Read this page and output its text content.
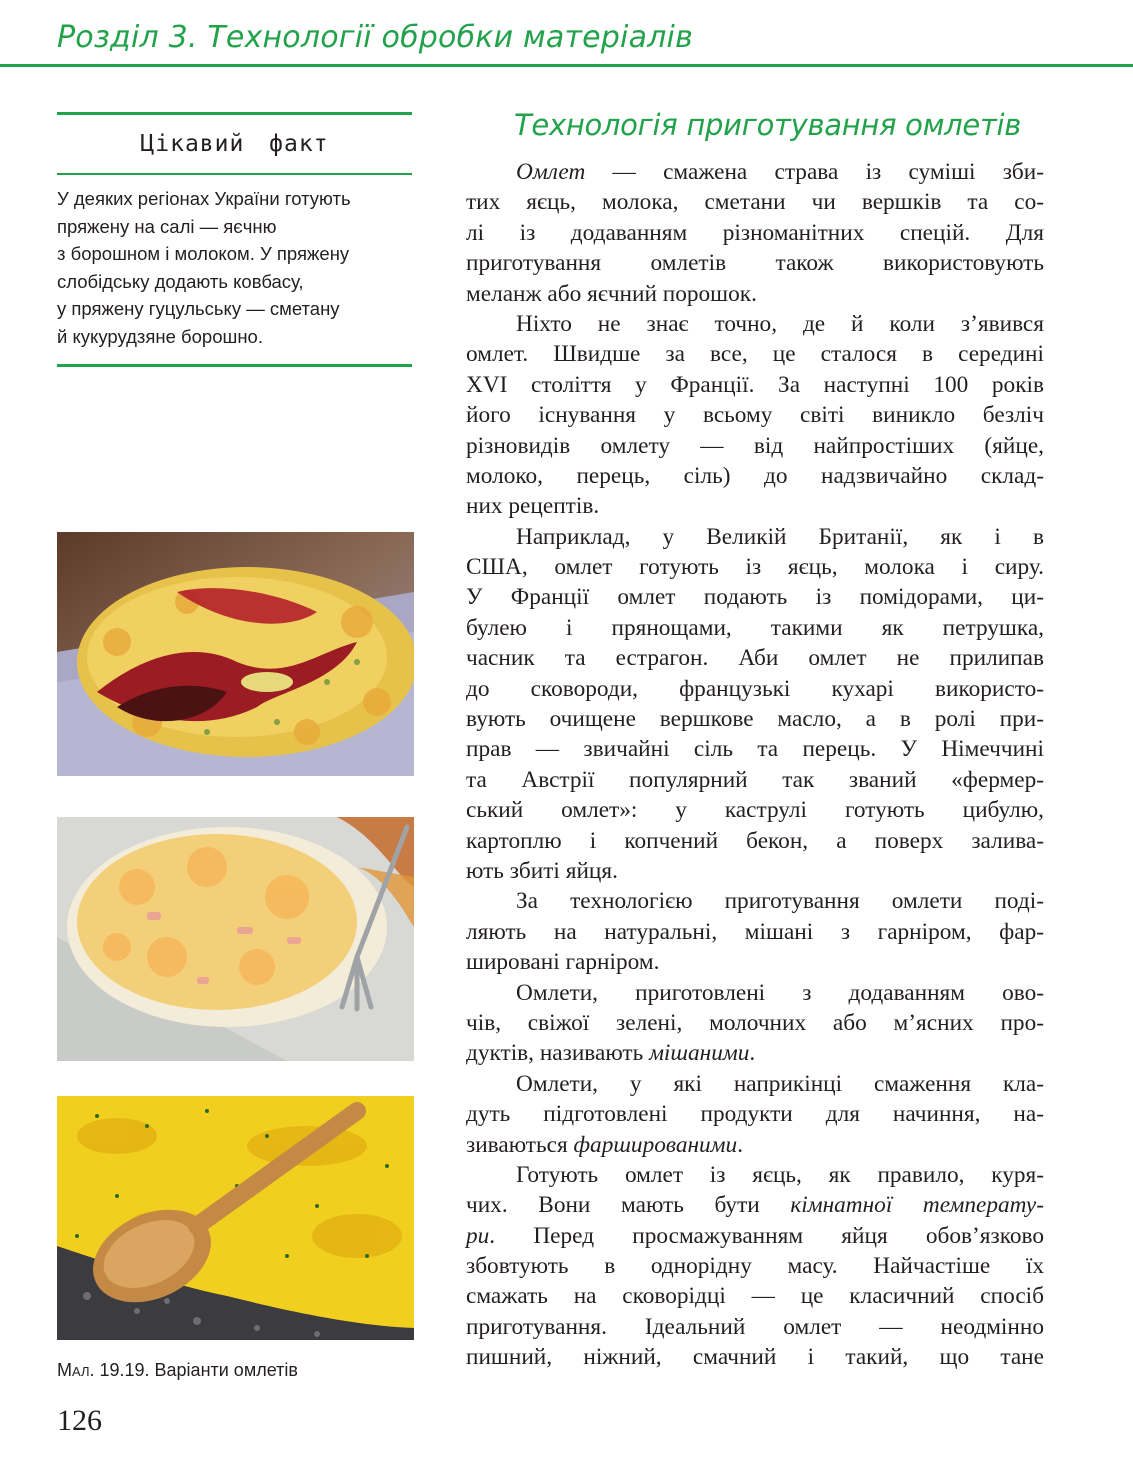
Розділ 3. Технології обробки матеріалів
Цікавий факт
У деяких регіонах України готують
пряжену на салі — яєчню
з борошном і молоком. У пряжену
слобідську додають ковбасу,
у пряжену гуцульську — сметану
й кукурудзяне борошно.
Мал. 19.19. Варіанти омлетів
126
Технологія приготування омлетів
Омлет — смажена страва із суміші зби-
тих яєць, молока, сметани чи вершків та со-
лі із додаванням різноманітних спецій. Для
приготування омлетів також використовують
меланж або яєчний порошок.
Ніхто не знає точно, де й коли з’явився
омлет. Швидше за все, це сталося в середині
XVI століття у Франції. За наступні 100 років
його існування у всьому світі виникло безліч
різновидів омлету — від найпростіших (яйце,
молоко, перець, сіль) до надзвичайно склад-
них рецептів.
Наприклад, у Великій Британії, як і в
США, омлет готують із яєць, молока і сиру.
У Франції омлет подають із помідорами, ци-
булею і прянощами, такими як петрушка,
часник та естрагон. Аби омлет не прилипав
до сковороди, французькі кухарі використо-
вують очищене вершкове масло, а в ролі при-
прав — звичайні сіль та перець. У Німеччині
та Австрії популярний так званий «фермер-
ський омлет»: у каструлі готують цибулю,
картоплю і копчений бекон, а поверх залива-
ють збиті яйця.
За технологією приготування омлети поді-
ляють на натуральні, мішані з гарніром, фар-
шировані гарніром.
Омлети, приготовлені з додаванням ово-
чів, свіжої зелені, молочних або м’ясних про-
дуктів, називають мішаними.
Омлети, у які наприкінці смаження кла-
дуть підготовлені продукти для начиння, на-
зиваються фаршированими.
Готують омлет із яєць, як правило, куря-
чих. Вони мають бути кімнатної температу-
ри. Перед просмажуванням яйця обов’язково
збовтують в однорідну масу. Найчастіше їх
смажать на сковорідці — це класичний спосіб
приготування. Ідеальний омлет — неодмінно
пишний, ніжний, смачний і такий, що тане
